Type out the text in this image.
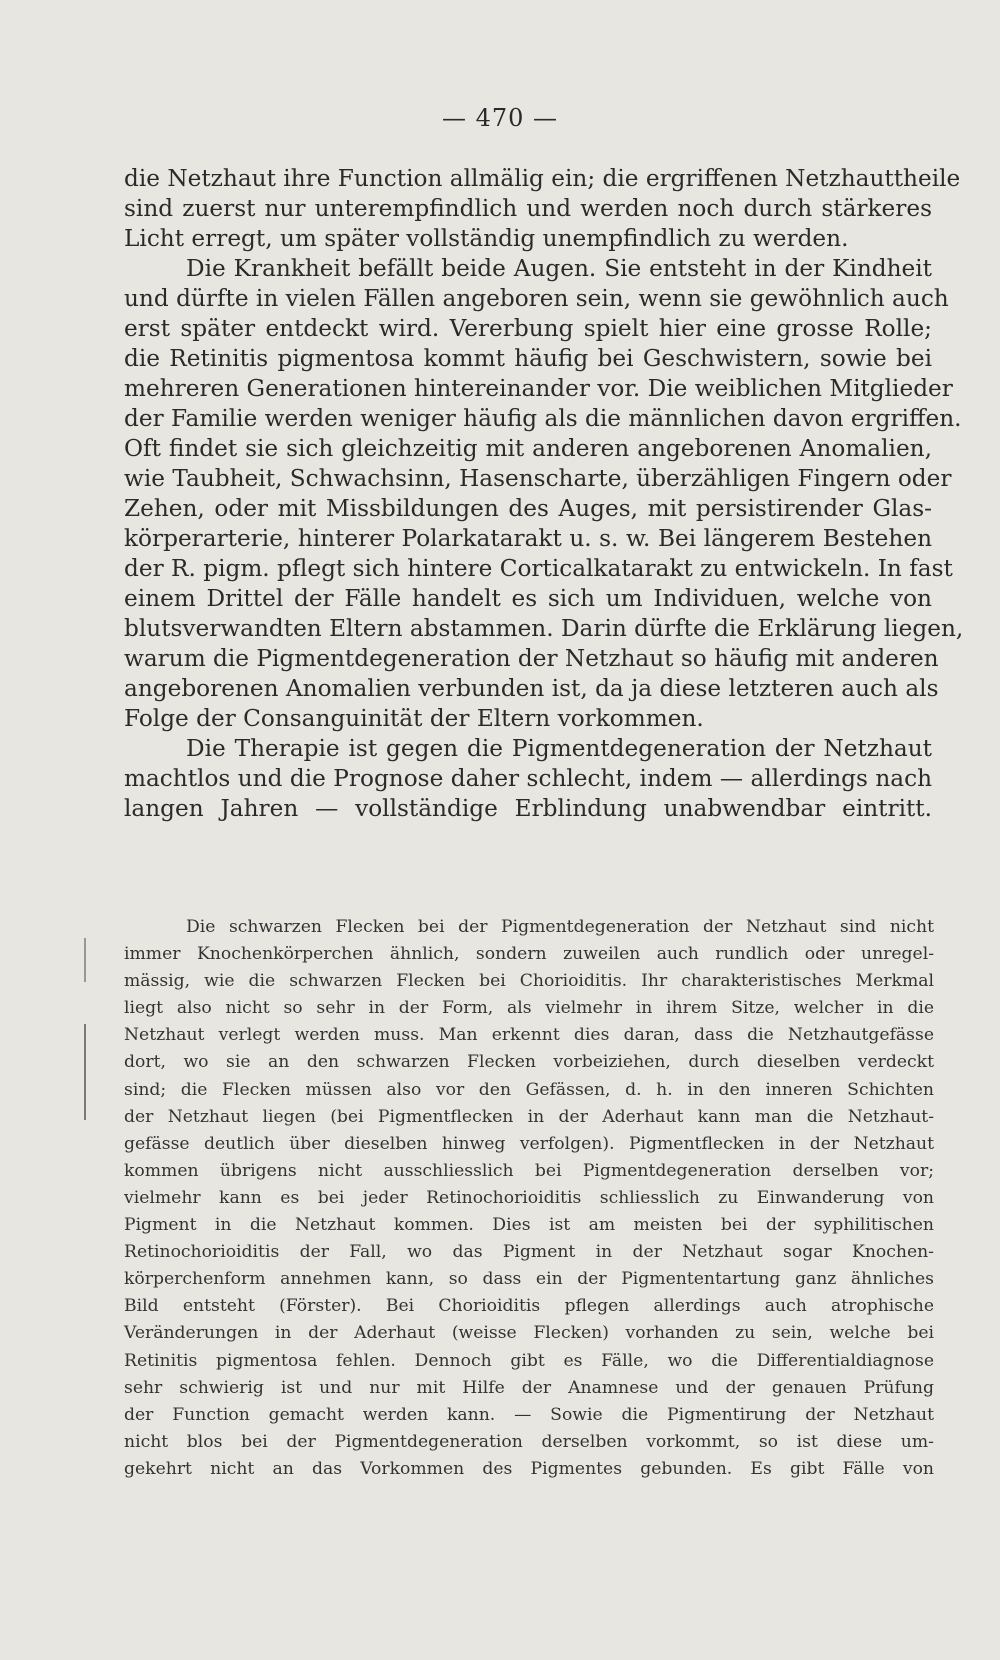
— 470 —
die Netzhaut ihre Function allmälig ein; die ergriffenen Netzhauttheile
sind zuerst nur unterempfindlich und werden noch durch stärkeres
Licht erregt, um später vollständig unempfindlich zu werden.
Die Krankheit befällt beide Augen. Sie entsteht in der Kindheit
und dürfte in vielen Fällen angeboren sein, wenn sie gewöhnlich auch
erst später entdeckt wird. Vererbung spielt hier eine grosse Rolle;
die Retinitis pigmentosa kommt häufig bei Geschwistern, sowie bei
mehreren Generationen hintereinander vor. Die weiblichen Mitglieder
der Familie werden weniger häufig als die männlichen davon ergriffen.
Oft findet sie sich gleichzeitig mit anderen angeborenen Anomalien,
wie Taubheit, Schwachsinn, Hasenscharte, überzähligen Fingern oder
Zehen, oder mit Missbildungen des Auges, mit persistirender Glas-
körperarterie, hinterer Polarkatarakt u. s. w. Bei längerem Bestehen
der R. pigm. pflegt sich hintere Corticalkatarakt zu entwickeln. In fast
einem Drittel der Fälle handelt es sich um Individuen, welche von
blutsverwandten Eltern abstammen. Darin dürfte die Erklärung liegen,
warum die Pigmentdegeneration der Netzhaut so häufig mit anderen
angeborenen Anomalien verbunden ist, da ja diese letzteren auch als
Folge der Consanguinität der Eltern vorkommen.
Die Therapie ist gegen die Pigmentdegeneration der Netzhaut
machtlos und die Prognose daher schlecht, indem — allerdings nach
langen Jahren — vollständige Erblindung unabwendbar eintritt.
Die schwarzen Flecken bei der Pigmentdegeneration der Netzhaut sind nicht
immer Knochenkörperchen ähnlich, sondern zuweilen auch rundlich oder unregel-
mässig, wie die schwarzen Flecken bei Chorioiditis. Ihr charakteristisches Merkmal
liegt also nicht so sehr in der Form, als vielmehr in ihrem Sitze, welcher in die
Netzhaut verlegt werden muss. Man erkennt dies daran, dass die Netzhautgefässe
dort, wo sie an den schwarzen Flecken vorbeiziehen, durch dieselben verdeckt
sind; die Flecken müssen also vor den Gefässen, d. h. in den inneren Schichten
der Netzhaut liegen (bei Pigmentflecken in der Aderhaut kann man die Netzhaut-
gefässe deutlich über dieselben hinweg verfolgen). Pigmentflecken in der Netzhaut
kommen übrigens nicht ausschliesslich bei Pigmentdegeneration derselben vor;
vielmehr kann es bei jeder Retinochorioiditis schliesslich zu Einwanderung von
Pigment in die Netzhaut kommen. Dies ist am meisten bei der syphilitischen
Retinochorioiditis der Fall, wo das Pigment in der Netzhaut sogar Knochen-
körperchenform annehmen kann, so dass ein der Pigmententartung ganz ähnliches
Bild entsteht (Förster). Bei Chorioiditis pflegen allerdings auch atrophische
Veränderungen in der Aderhaut (weisse Flecken) vorhanden zu sein, welche bei
Retinitis pigmentosa fehlen. Dennoch gibt es Fälle, wo die Differentialdiagnose
sehr schwierig ist und nur mit Hilfe der Anamnese und der genauen Prüfung
der Function gemacht werden kann. — Sowie die Pigmentirung der Netzhaut
nicht blos bei der Pigmentdegeneration derselben vorkommt, so ist diese um-
gekehrt nicht an das Vorkommen des Pigmentes gebunden. Es gibt Fälle von
